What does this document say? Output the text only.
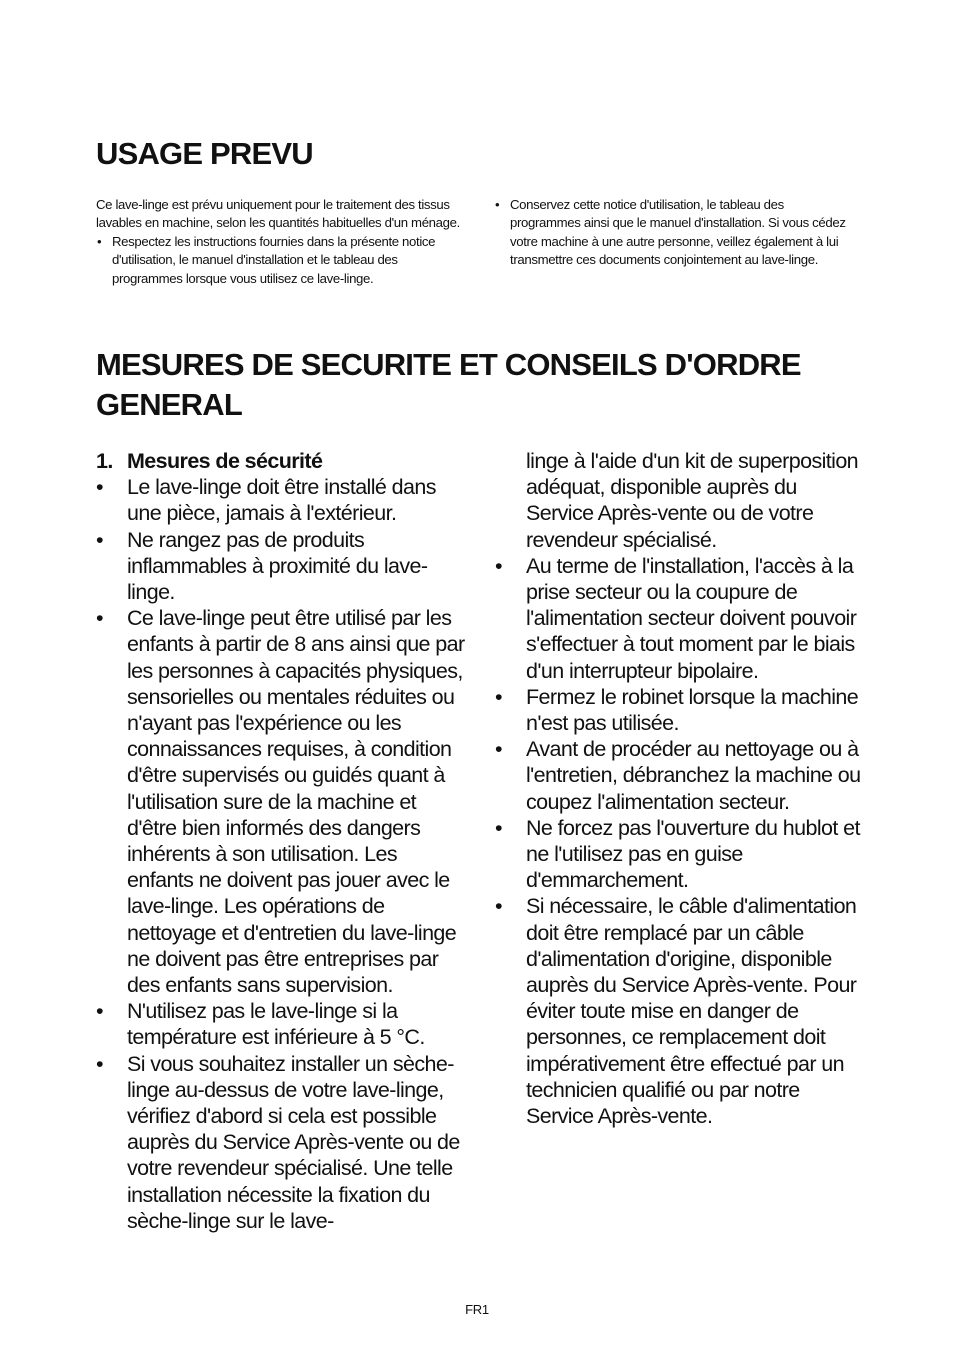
USAGE PREVU

Ce lave-linge est prévu uniquement pour le traitement des tissus lavables en machine, selon les quantités habituelles d'un ménage.

• Respectez les instructions fournies dans la présente notice d'utilisation, le manuel d'installation et le tableau des programmes lorsque vous utilisez ce lave-linge.
• Conservez cette notice d'utilisation, le tableau des programmes ainsi que le manuel d'installation. Si vous cédez votre machine à une autre personne, veillez également à lui transmettre ces documents conjointement au lave-linge.
MESURES DE SECURITE ET CONSEILS D'ORDRE GENERAL
1. Mesures de sécurité
• Le lave-linge doit être installé dans une pièce, jamais à l'extérieur.
• Ne rangez pas de produits inflammables à proximité du lave-linge.
• Ce lave-linge peut être utilisé par les enfants à partir de 8 ans ainsi que par les personnes à capacités physiques, sensorielles ou mentales réduites ou n'ayant pas l'expérience ou les connaissances requises, à condition d'être supervisés ou guidés quant à l'utilisation sure de la machine et d'être bien informés des dangers inhérents à son utilisation. Les enfants ne doivent pas jouer avec le lave-linge. Les opérations de nettoyage et d'entretien du lave-linge ne doivent pas être entreprises par des enfants sans supervision.
• N'utilisez pas le lave-linge si la température est inférieure à 5 °C.
• Si vous souhaitez installer un sèche-linge au-dessus de votre lave-linge, vérifiez d'abord si cela est possible auprès du Service Après-vente ou de votre revendeur spécialisé. Une telle installation nécessite la fixation du sèche-linge sur le lave-
linge à l'aide d'un kit de superposition adéquat, disponible auprès du Service Après-vente ou de votre revendeur spécialisé.
• Au terme de l'installation, l'accès à la prise secteur ou la coupure de l'alimentation secteur doivent pouvoir s'effectuer à tout moment par le biais d'un interrupteur bipolaire.
• Fermez le robinet lorsque la machine n'est pas utilisée.
• Avant de procéder au nettoyage ou à l'entretien, débranchez la machine ou coupez l'alimentation secteur.
• Ne forcez pas l'ouverture du hublot et ne l'utilisez pas en guise d'emmarchement.
• Si nécessaire, le câble d'alimentation doit être remplacé par un câble d'alimentation d'origine, disponible auprès du Service Après-vente. Pour éviter toute mise en danger de personnes, ce remplacement doit impérativement être effectué par un technicien qualifié ou par notre Service Après-vente.
FR1
